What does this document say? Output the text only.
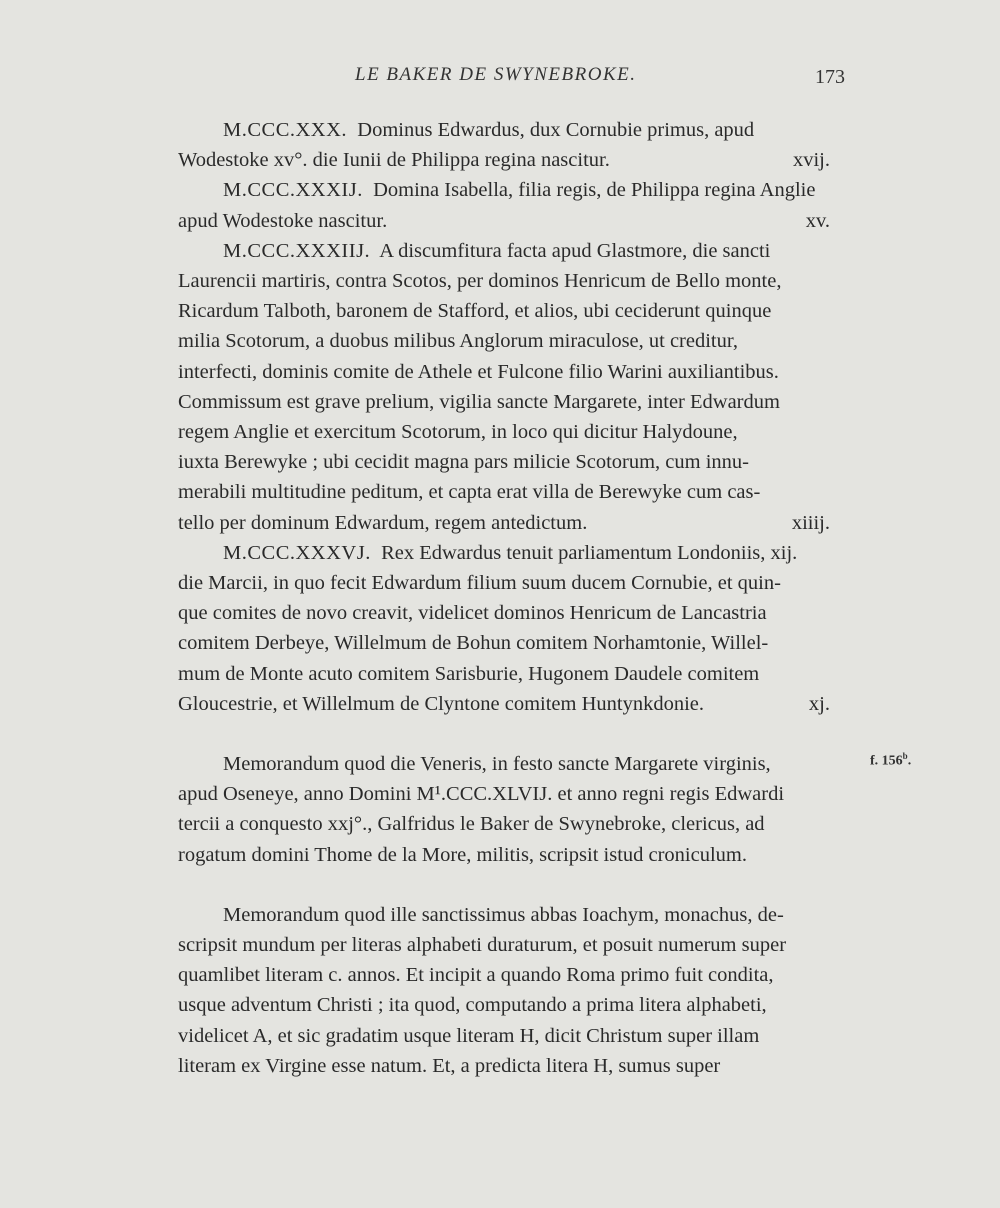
LE BAKER DE SWYNEBROKE.	173
f. 156$^b$.
M.CCC.XXX. Dominus Edwardus, dux Cornubie primus, apud
Wodestoke xv°. die Iunii de Philippa regina nascitur.	xvij.
M.CCC.XXXIJ. Domina Isabella, filia regis, de Philippa regina Anglie
apud Wodestoke nascitur.	xv.
M.CCC.XXXIIJ. A discumfitura facta apud Glastmore, die sancti
Laurencii martiris, contra Scotos, per dominos Henricum de Bello monte,
Ricardum Talboth, baronem de Stafford, et alios, ubi ceciderunt quinque
milia Scotorum, a duobus milibus Anglorum miraculose, ut creditur,
interfecti, dominis comite de Athele et Fulcone filio Warini auxiliantibus.
Commissum est grave prelium, vigilia sancte Margarete, inter Edwardum
regem Anglie et exercitum Scotorum, in loco qui dicitur Halydoune,
iuxta Berewyke ; ubi cecidit magna pars milicie Scotorum, cum innu-
merabili multitudine peditum, et capta erat villa de Berewyke cum cas-
tello per dominum Edwardum, regem antedictum.	xiiij.
M.CCC.XXXVJ. Rex Edwardus tenuit parliamentum Londoniis, xij.
die Marcii, in quo fecit Edwardum filium suum ducem Cornubie, et quin-
que comites de novo creavit, videlicet dominos Henricum de Lancastria
comitem Derbeye, Willelmum de Bohun comitem Norhamtonie, Willel-
mum de Monte acuto comitem Sarisburie, Hugonem Daudele comitem
Gloucestrie, et Willelmum de Clyntone comitem Huntynkdonie.	xj.
Memorandum quod die Veneris, in festo sancte Margarete virginis,
apud Oseneye, anno Domini M¹.CCC.XLVIJ. et anno regni regis Edwardi
tercii a conquesto xxj°., Galfridus le Baker de Swynebroke, clericus, ad
rogatum domini Thome de la More, militis, scripsit istud croniculum.
Memorandum quod ille sanctissimus abbas Ioachym, monachus, de-
scripsit mundum per literas alphabeti duraturum, et posuit numerum super
quamlibet literam c. annos. Et incipit a quando Roma primo fuit condita,
usque adventum Christi ; ita quod, computando a prima litera alphabeti,
videlicet A, et sic gradatim usque literam H, dicit Christum super illam
literam ex Virgine esse natum. Et, a predicta litera H, sumus super
